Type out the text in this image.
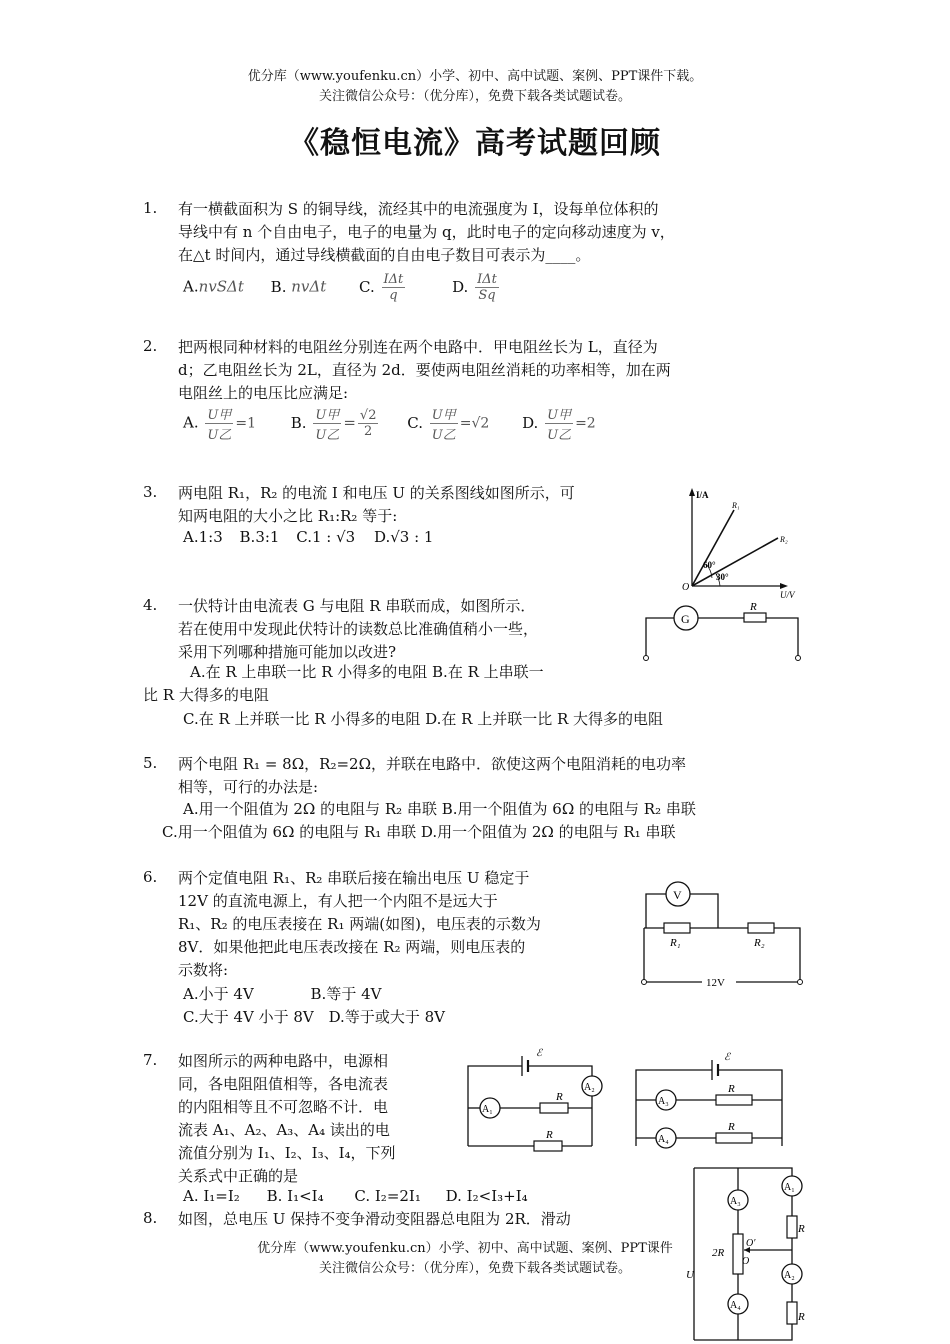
优分库（www.youfenku.cn）小学、初中、高中试题、案例、PPT课件下载。
关注微信公众号：（优分库），免费下载各类试题试卷。
《稳恒电流》高考试题回顾
1. 有一横截面积为 S 的铜导线，流经其中的电流强度为 I，设每单位体积的
导线中有 n 个自由电子，电子的电量为 q，此时电子的定向移动速度为 v，
在△t 时间内，通过导线横截面的自由电子数目可表示为____。
A.nvSΔt B. nvΔt C. $\frac{\text{IΔt}}{q}$	D. $\frac{\text{IΔt}}{Sq}$
2. 把两根同种材料的电阻丝分别连在两个电路中．甲电阻丝长为 L，直径为
d；乙电阻丝长为 2L，直径为 2d．要使两电阻丝消耗的功率相等，加在两
电阻丝上的电压比应满足:
A. $\frac{\text{U甲}}{\text{U乙}} =1$ B. $\frac{\text{U甲}}{\text{U乙}} = \frac{√2}{2} C$. $\frac{\text{U甲}}{\text{U乙}} =√2$ D. $\frac{\text{U甲}}{\text{U乙}} =2$
3. 两电阻 R₁，R₂ 的电流 I 和电压 U 的关系图线如图所示，可
知两电阻的大小之比 R₁:R₂ 等于:
A.1:3 B.3:1 C.1 : √3 D.√3 : 1
I/A
U/V
R₁
R₂
60°
30°
O
4. 一伏特计由电流表 G 与电阻 R 串联而成，如图所示．
若在使用中发现此伏特计的读数总比准确值稍小一些，
采用下列哪种措施可能加以改进?
A.在 R 上串联一比 R 小得多的电阻 B.在 R 上串联一
比 R 大得多的电阻
C.在 R 上并联一比 R 小得多的电阻 D.在 R 上并联一比 R 大得多的电阻
G
R
5. 两个电阻 R₁ = 8Ω，R₂=2Ω，并联在电路中．欲使这两个电阻消耗的电功率
相等，可行的办法是:
A.用一个阻值为 2Ω 的电阻与 R₂ 串联 B.用一个阻值为 6Ω 的电阻与 R₂ 串联
C.用一个阻值为 6Ω 的电阻与 R₁ 串联 D.用一个阻值为 2Ω 的电阻与 R₁ 串联
6. 两个定值电阻 R₁、R₂ 串联后接在输出电压 U 稳定于
12V 的直流电源上，有人把一个内阻不是远大于
R₁、R₂ 的电压表接在 R₁ 两端(如图)，电压表的示数为
8V．如果他把此电压表改接在 R₂ 两端，则电压表的
示数将:
A.小于 4V	B.等于 4V
C.大于 4V 小于 8V D.等于或大于 8V
V
R₁	R₂
12V
7. 如图所示的两种电路中，电源相
同，各电阻阻值相等，各电流表
的内阻相等且不可忽略不计．电
流表 A₁、A₂、A₃、A₄ 读出的电
流值分别为 I₁、I₂、I₃、I₄，下列
关系式中正确的是
A. I₁=I₂ B. I₁<I₄ C. I₂=2I₁ D. I₂<I₃+I₄
ℰ
A₂
A₁
R
R
ℰ
A₃
A₄
R
R
8. 如图，总电压 U 保持不变争滑动变阻器总电阻为 2R．滑动
A₁
A₂
A₃
A₄
R
R
2R
O′
O
U
优分库（www.youfenku.cn）小学、初中、高中试题、案例、PPT课件
关注微信公众号：（优分库），免费下载各类试题试卷。
